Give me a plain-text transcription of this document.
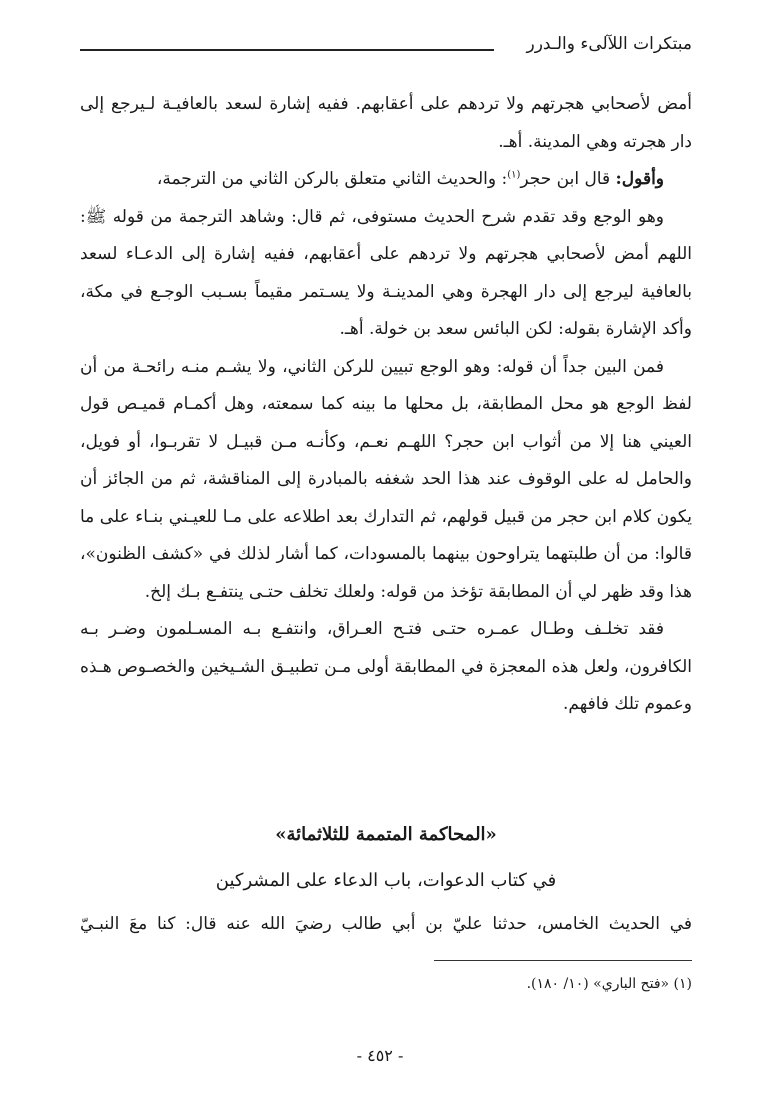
مبتكرات اللآلىء والـدرر

أمض لأصحابي هجرتهم ولا تردهم على أعقابهم. ففيه إشارة لسعد بالعافيـة لـيرجع إلى دار هجرته وهي المدينة. أهـ.

وأقول: قال ابن حجر$^{(١)}$: والحديث الثاني متعلق بالركن الثاني من الترجمة،

وهو الوجع وقد تقدم شرح الحديث مستوفى، ثم قال: وشاهد الترجمة من قوله ﷺ: اللهم أمض لأصحابي هجرتهم ولا تردهم على أعقابهم، ففيه إشارة إلى الدعـاء لسعد بالعافية ليرجع إلى دار الهجرة وهي المدينـة ولا يسـتمر مقيماً بسـبب الوجـع في مكة، وأكد الإشارة بقوله: لكن البائس سعد بن خولة. أهـ.

فمن البين جداً أن قوله: وهو الوجع تبيين للركن الثاني، ولا يشـم منـه رائحـة من أن لفظ الوجع هو محل المطابقة، بل محلها ما بينه كما سمعته، وهل أكمـام قميـص قول العيني هنا إلا من أثواب ابن حجر؟ اللهـم نعـم، وكأنـه مـن قبيـل لا تقربـوا، أو فويل، والحامل له على الوقوف عند هذا الحد شغفه بالمبادرة إلى المناقشة، ثم من الجائز أن يكون كلام ابن حجر من قبيل قولهم، ثم التدارك بعد اطلاعه على مـا للعيـني بنـاء على ما قالوا: من أن طلبتهما يتراوحون بينهما بالمسودات، كما أشار لذلك في «كشف الظنون»، هذا وقد ظهر لي أن المطابقة تؤخذ من قوله: ولعلك تخلف حتـى ينتفـع بـك إلخ.

فقد تخلـف وطـال عمـره حتـى فتـح العـراق، وانتفـع بـه المسـلمون وضـر بـه الكافرون، ولعل هذه المعجزة في المطابقة أولى مـن تطبيـق الشـيخين والخصـوص هـذه وعموم تلك فافهم.

«المحاكمة المتممة للثلاثمائة»
في كتاب الدعوات، باب الدعاء على المشركين
في الحديث الخامس، حدثنا عليّ بن أبي طالب رضيَ الله عنه قال: كنا معَ النبـيّ
(١) «فتح الباري» (١٠/ ١٨٠).
- ٤٥٢ -
